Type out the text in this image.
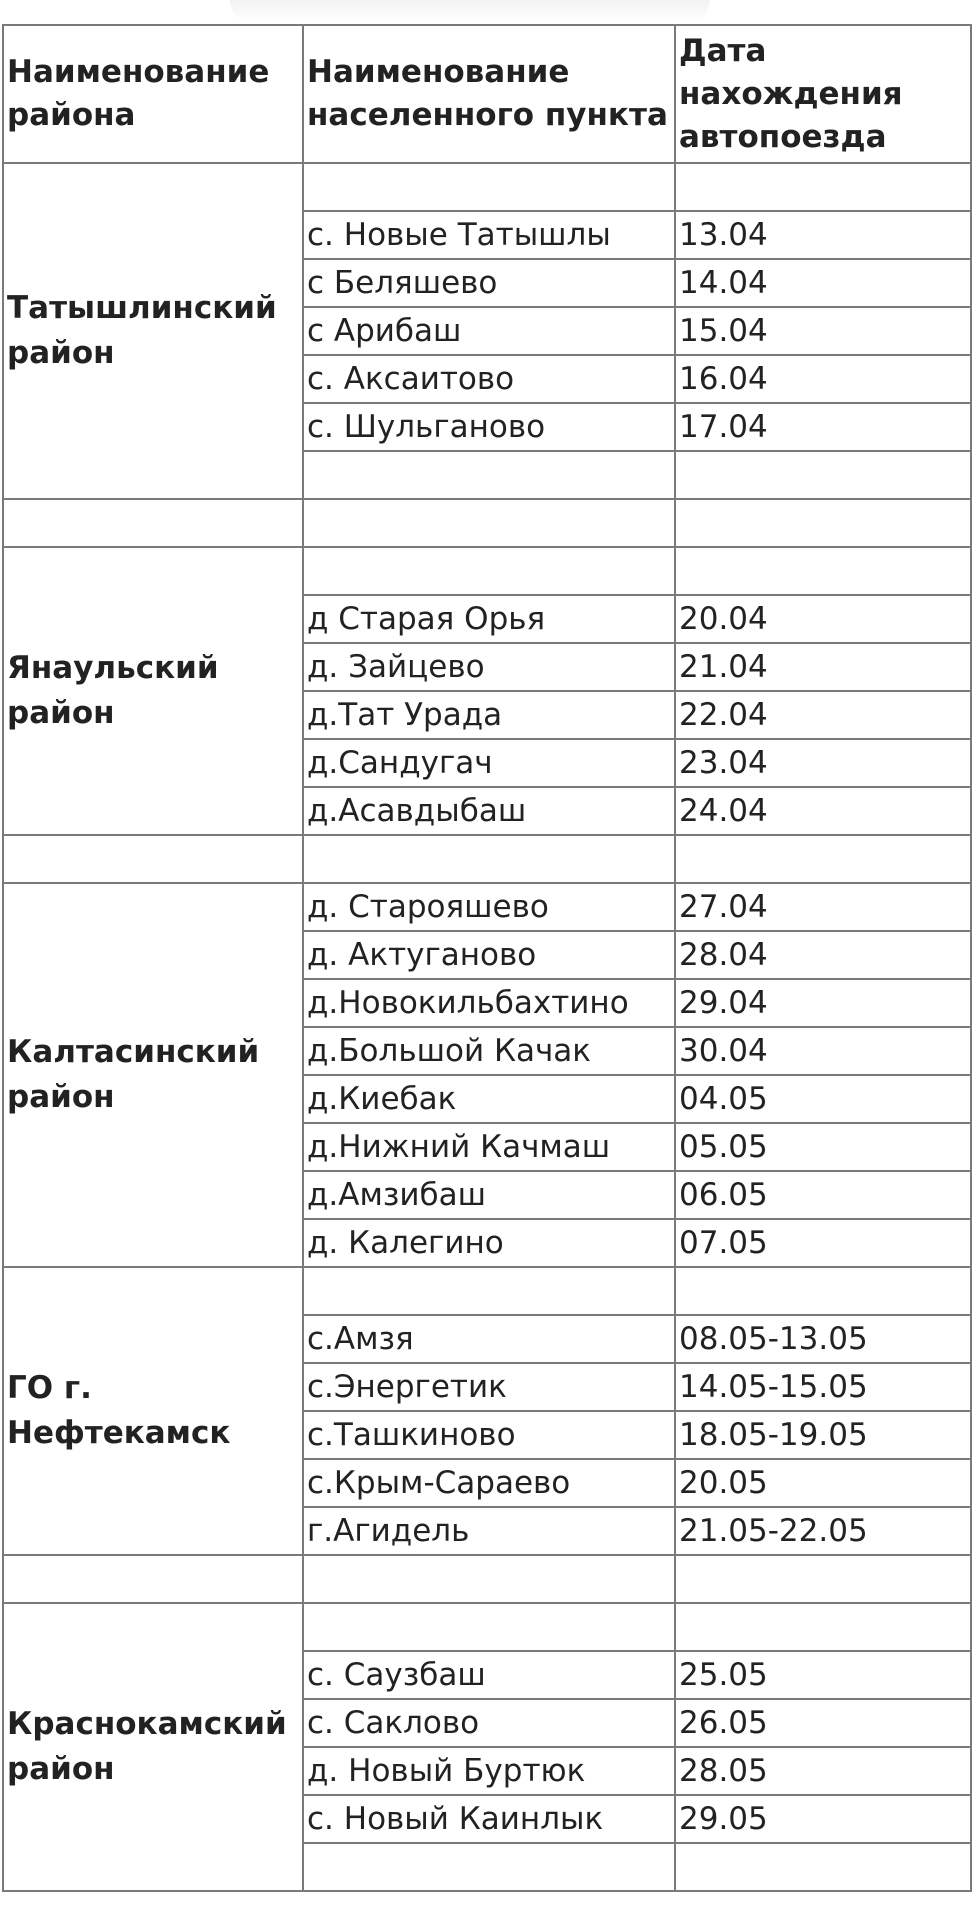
Наименование района	Наименование населенного пункта	Дата нахождения автопоезда
Татышлинский район		
	с. Новые Татышлы	13.04
	с Беляшево	14.04
	с Арибаш	15.04
	с. Аксаитово	16.04
	с. Шульганово	17.04

Янаульский район		
	д Старая Орья	20.04
	д. Зайцево	21.04
	д.Тат Урада	22.04
	д.Сандугач	23.04
	д.Асавдыбаш	24.04

Калтасинский район	д. Старояшево	27.04
	д. Актуганово	28.04
	д.Новокильбахтино	29.04
	д.Большой Качак	30.04
	д.Киебак	04.05
	д.Нижний Качмаш	05.05
	д.Амзибаш	06.05
	д. Калегино	07.05
ГО г. Нефтекамск		
	с.Амзя	08.05-13.05
	с.Энергетик	14.05-15.05
	с.Ташкиново	18.05-19.05
	с.Крым-Сараево	20.05
	г.Агидель	21.05-22.05

Краснокамский район		
	с. Саузбаш	25.05
	с. Саклово	26.05
	д. Новый Буртюк	28.05
	с. Новый Каинлык	29.05
